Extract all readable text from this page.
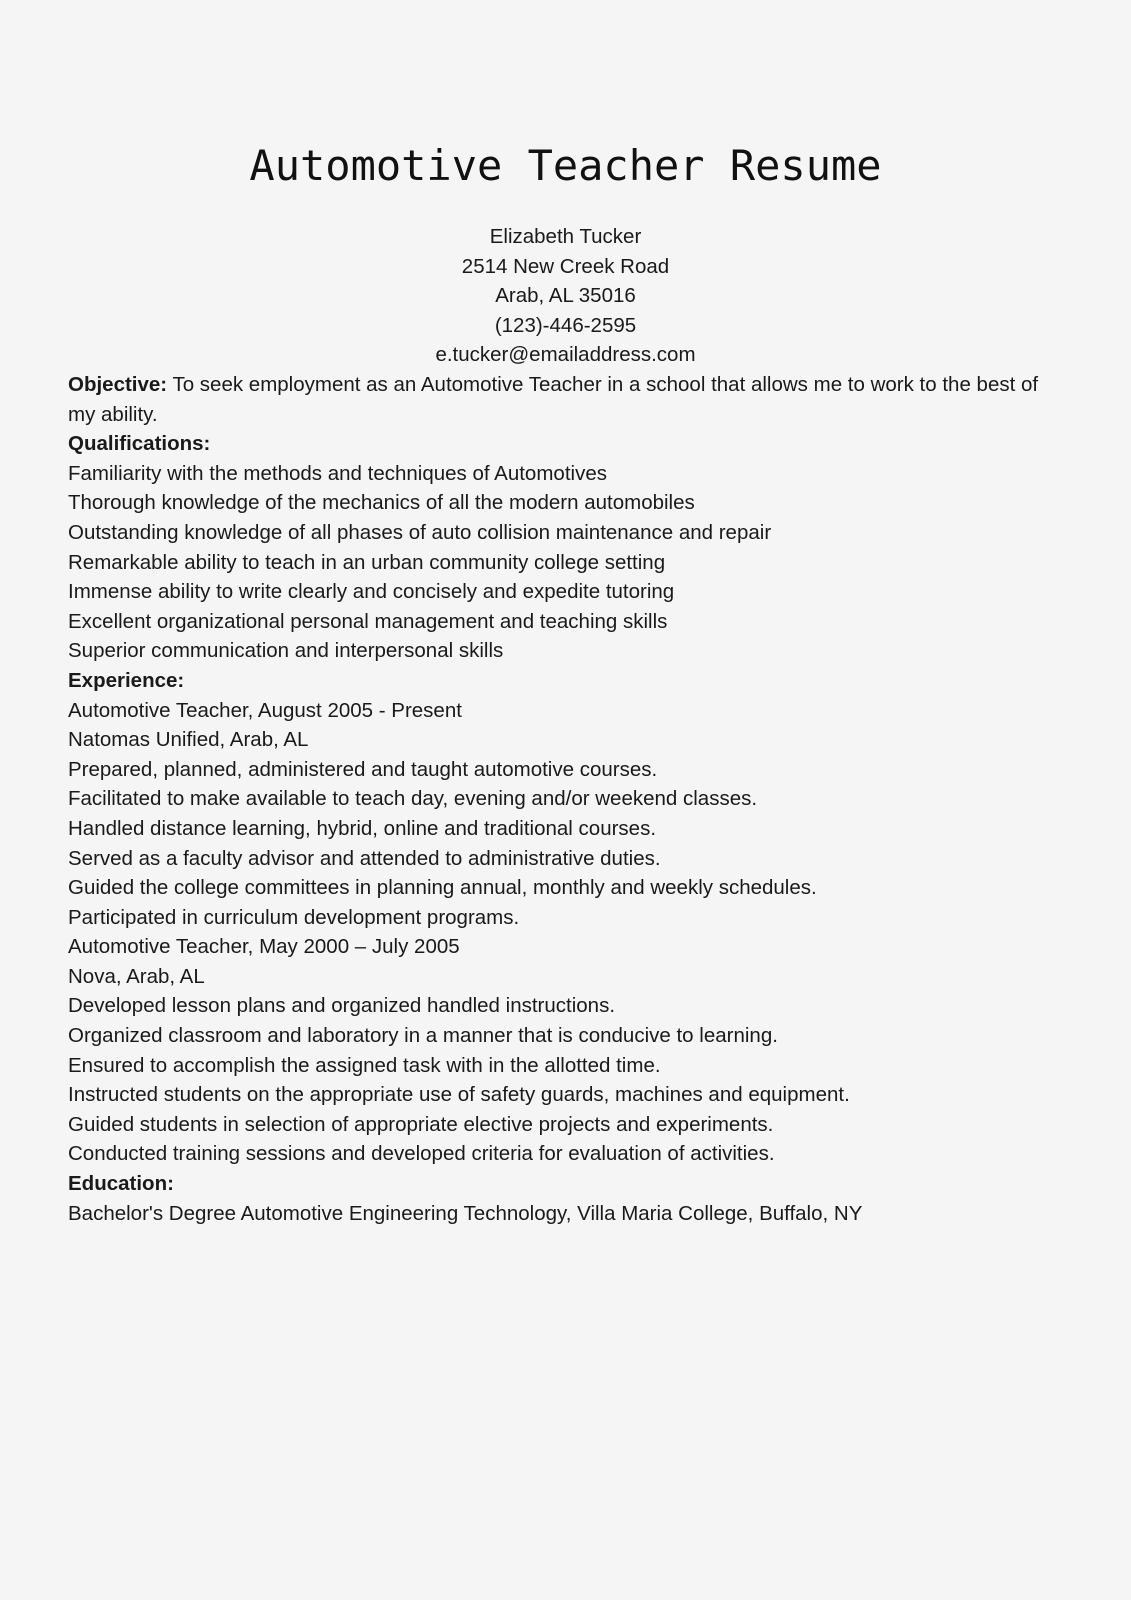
Automotive Teacher Resume
Elizabeth Tucker
2514 New Creek Road
Arab, AL 35016
(123)-446-2595
e.tucker@emailaddress.com
Objective: To seek employment as an Automotive Teacher in a school that allows me to work to the best of my ability.
Qualifications:
Familiarity with the methods and techniques of Automotives
Thorough knowledge of the mechanics of all the modern automobiles
Outstanding knowledge of all phases of auto collision maintenance and repair
Remarkable ability to teach in an urban community college setting
Immense ability to write clearly and concisely and expedite tutoring
Excellent organizational personal management and teaching skills
Superior communication and interpersonal skills
Experience:
Automotive Teacher, August 2005 - Present
Natomas Unified, Arab, AL
Prepared, planned, administered and taught automotive courses.
Facilitated to make available to teach day, evening and/or weekend classes.
Handled distance learning, hybrid, online and traditional courses.
Served as a faculty advisor and attended to administrative duties.
Guided the college committees in planning annual, monthly and weekly schedules.
Participated in curriculum development programs.
Automotive Teacher, May 2000 – July 2005
Nova, Arab, AL
Developed lesson plans and organized handled instructions.
Organized classroom and laboratory in a manner that is conducive to learning.
Ensured to accomplish the assigned task with in the allotted time.
Instructed students on the appropriate use of safety guards, machines and equipment.
Guided students in selection of appropriate elective projects and experiments.
Conducted training sessions and developed criteria for evaluation of activities.
Education:
Bachelor's Degree Automotive Engineering Technology, Villa Maria College, Buffalo, NY
